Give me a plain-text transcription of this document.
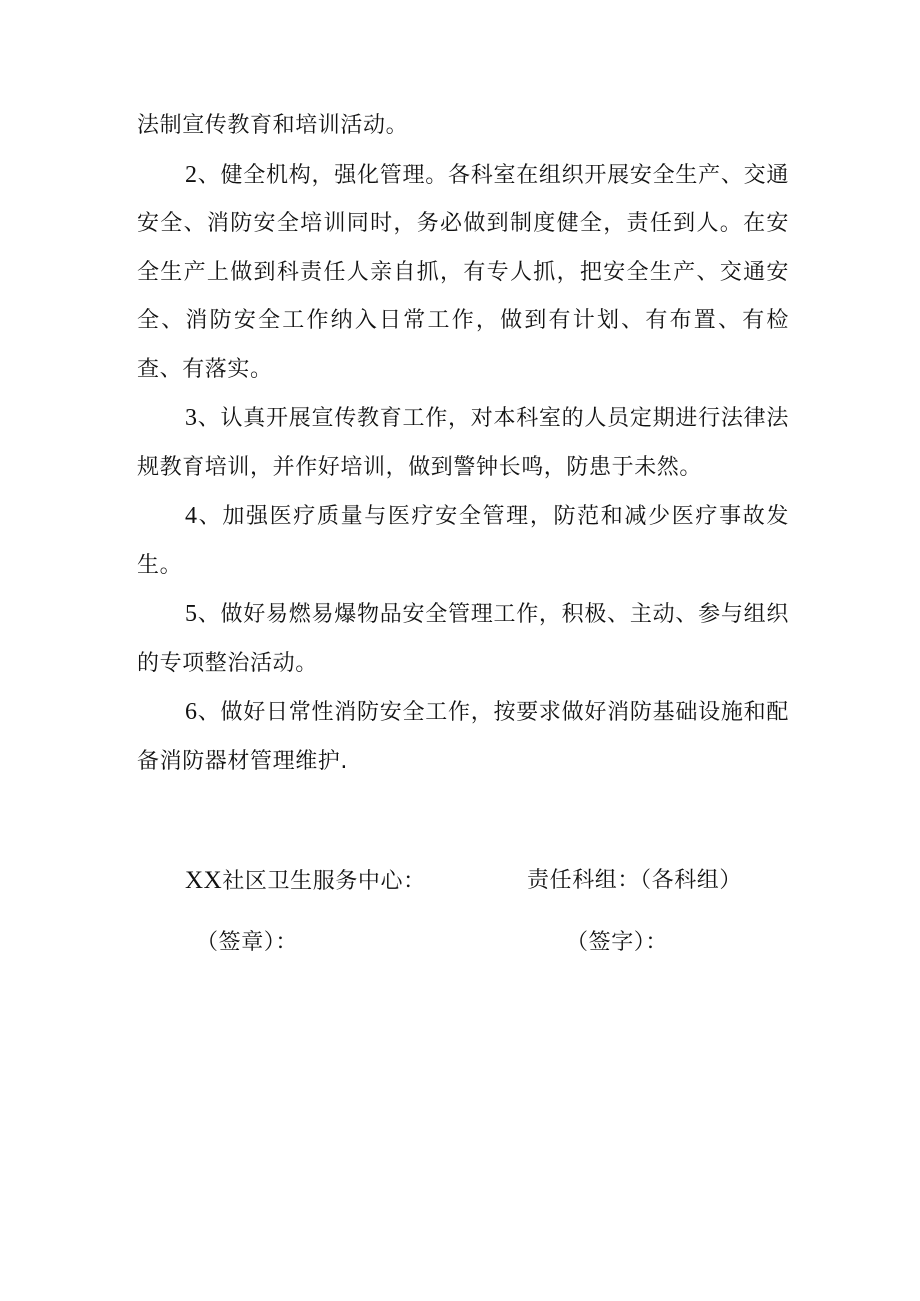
法制宣传教育和培训活动。

2、健全机构，强化管理。各科室在组织开展安全生产、交通安全、消防安全培训同时，务必做到制度健全，责任到人。在安全生产上做到科责任人亲自抓，有专人抓，把安全生产、交通安全、消防安全工作纳入日常工作，做到有计划、有布置、有检查、有落实。

3、认真开展宣传教育工作，对本科室的人员定期进行法律法规教育培训，并作好培训，做到警钟长鸣，防患于未然。

4、加强医疗质量与医疗安全管理，防范和减少医疗事故发生。

5、做好易燃易爆物品安全管理工作，积极、主动、参与组织的专项整治活动。

6、做好日常性消防安全工作，按要求做好消防基础设施和配备消防器材管理维护.

XX社区卫生服务中心：	责任科组：（各科组）
（签章）：	（签字）：
